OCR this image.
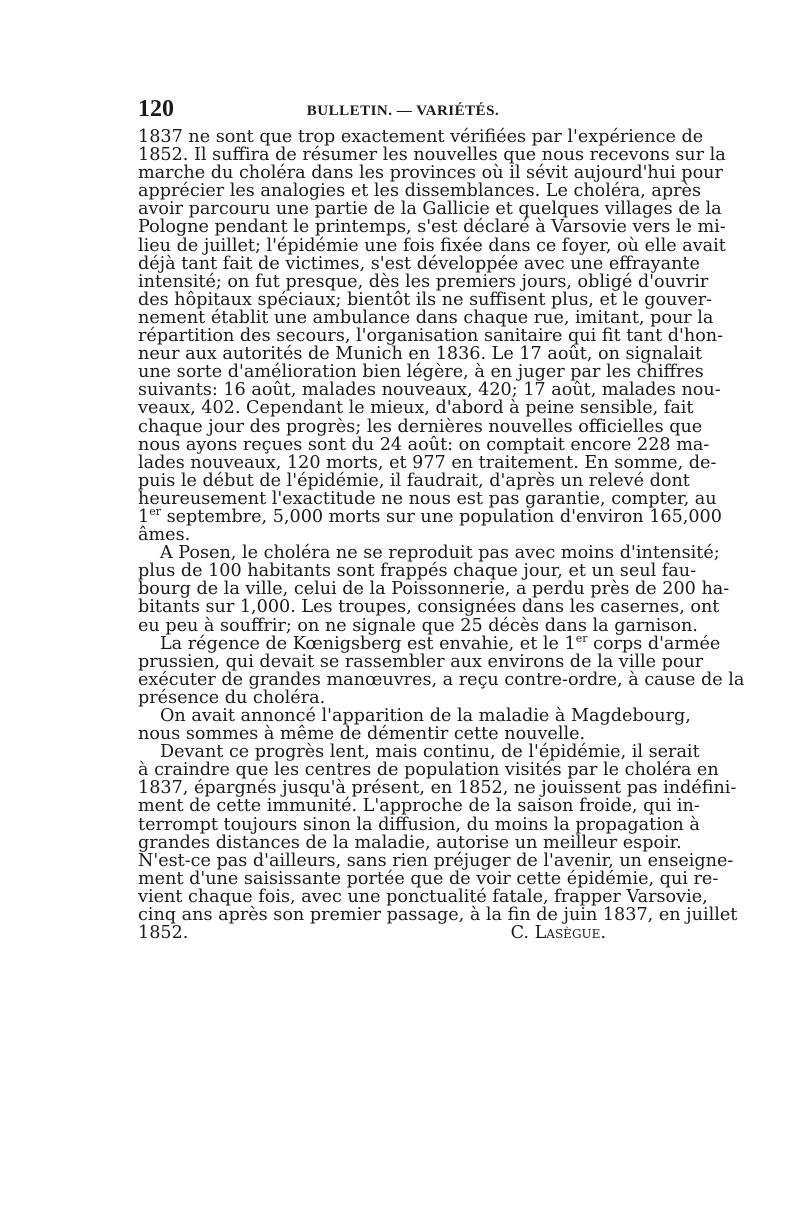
120	BULLETIN. — VARIÉTÉS.
1837 ne sont que trop exactement vérifiées par l'expérience de
1852. Il suffira de résumer les nouvelles que nous recevons sur la
marche du choléra dans les provinces où il sévit aujourd'hui pour
apprécier les analogies et les dissemblances. Le choléra, après
avoir parcouru une partie de la Gallicie et quelques villages de la
Pologne pendant le printemps, s'est déclaré à Varsovie vers le mi-
lieu de juillet; l'épidémie une fois fixée dans ce foyer, où elle avait
déjà tant fait de victimes, s'est développée avec une effrayante
intensité; on fut presque, dès les premiers jours, obligé d'ouvrir
des hôpitaux spéciaux; bientôt ils ne suffisent plus, et le gouver-
nement établit une ambulance dans chaque rue, imitant, pour la
répartition des secours, l'organisation sanitaire qui fit tant d'hon-
neur aux autorités de Munich en 1836. Le 17 août, on signalait
une sorte d'amélioration bien légère, à en juger par les chiffres
suivants: 16 août, malades nouveaux, 420; 17 août, malades nou-
veaux, 402. Cependant le mieux, d'abord à peine sensible, fait
chaque jour des progrès; les dernières nouvelles officielles que
nous ayons reçues sont du 24 août: on comptait encore 228 ma-
lades nouveaux, 120 morts, et 977 en traitement. En somme, de-
puis le début de l'épidémie, il faudrait, d'après un relevé dont
heureusement l'exactitude ne nous est pas garantie, compter, au
1er septembre, 5,000 morts sur une population d'environ 165,000
âmes.
A Posen, le choléra ne se reproduit pas avec moins d'intensité;
plus de 100 habitants sont frappés chaque jour, et un seul fau-
bourg de la ville, celui de la Poissonnerie, a perdu près de 200 ha-
bitants sur 1,000. Les troupes, consignées dans les casernes, ont
eu peu à souffrir; on ne signale que 25 décès dans la garnison.
La régence de Kœnigsberg est envahie, et le 1er corps d'armée
prussien, qui devait se rassembler aux environs de la ville pour
exécuter de grandes manœuvres, a reçu contre-ordre, à cause de la
présence du choléra.
On avait annoncé l'apparition de la maladie à Magdebourg,
nous sommes à même de démentir cette nouvelle.
Devant ce progrès lent, mais continu, de l'épidémie, il serait
à craindre que les centres de population visités par le choléra en
1837, épargnés jusqu'à présent, en 1852, ne jouissent pas indéfini-
ment de cette immunité. L'approche de la saison froide, qui in-
terrompt toujours sinon la diffusion, du moins la propagation à
grandes distances de la maladie, autorise un meilleur espoir.
N'est-ce pas d'ailleurs, sans rien préjuger de l'avenir, un enseigne-
ment d'une saisissante portée que de voir cette épidémie, qui re-
vient chaque fois, avec une ponctualité fatale, frapper Varsovie,
cinq ans après son premier passage, à la fin de juin 1837, en juillet
1852.	C. Lasègue.
